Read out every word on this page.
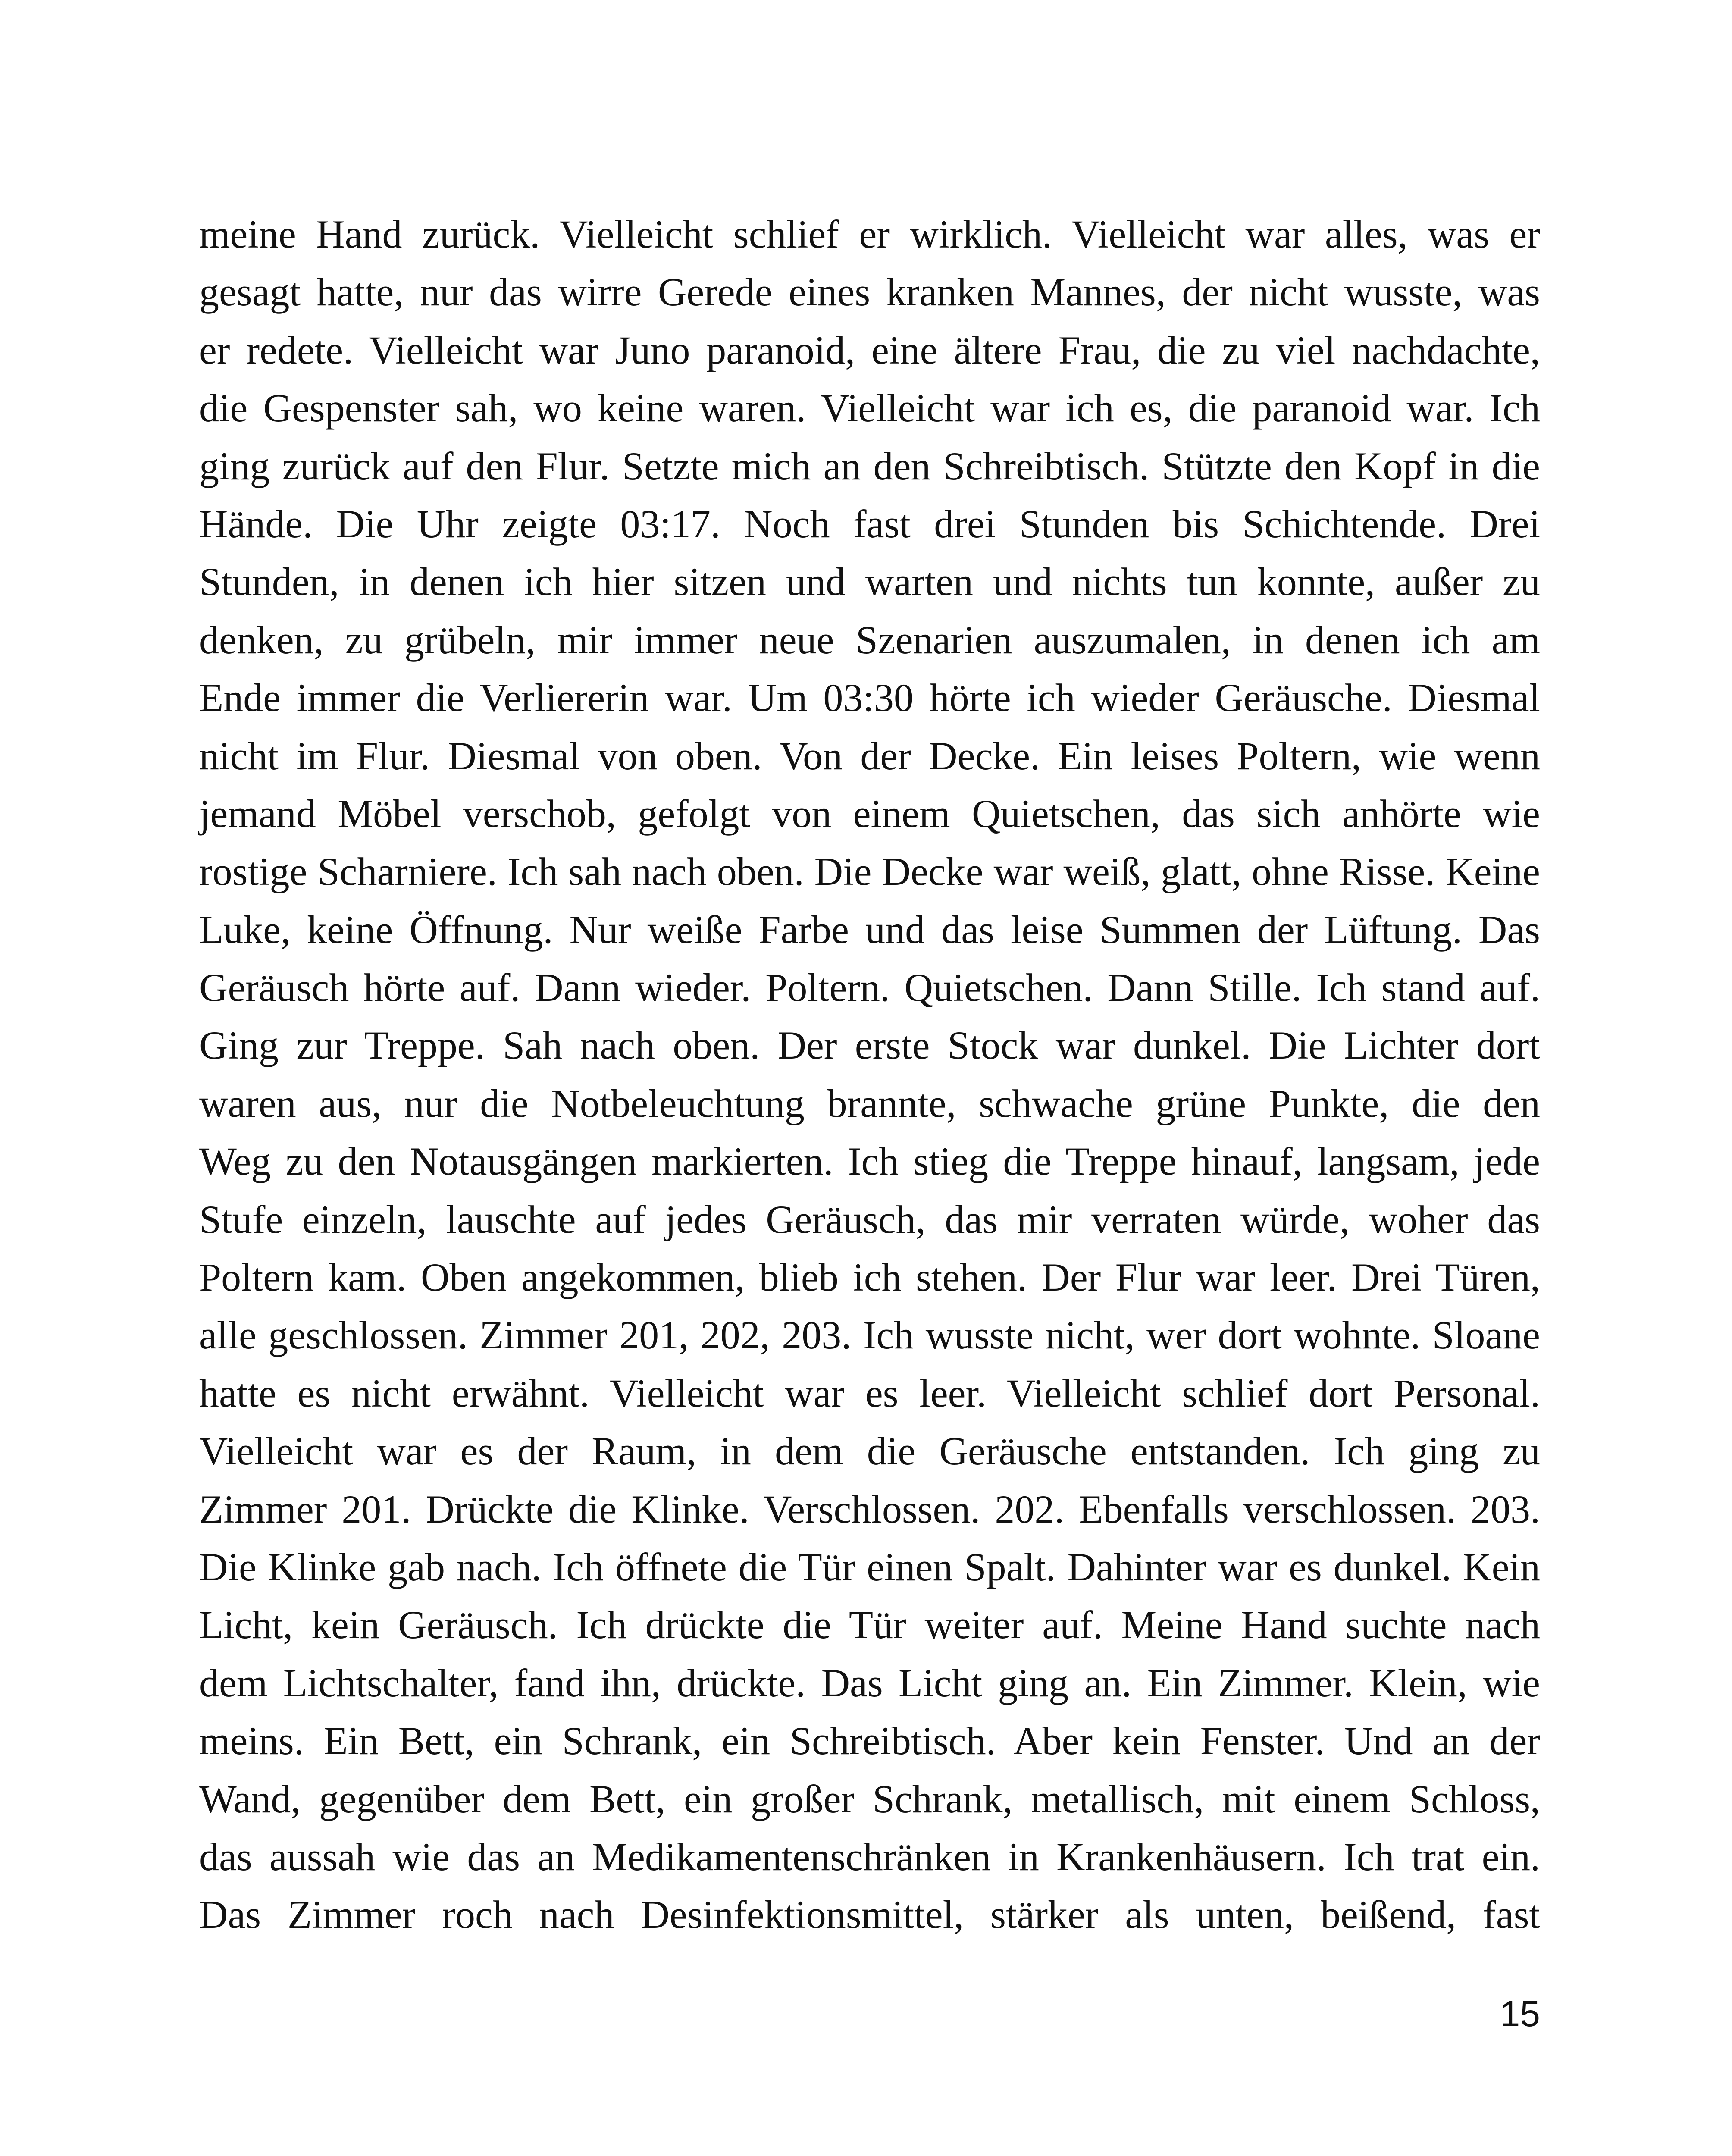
meine Hand zurück. Vielleicht schlief er wirklich. Vielleicht war alles, was er
gesagt hatte, nur das wirre Gerede eines kranken Mannes, der nicht wusste, was
er redete. Vielleicht war Juno paranoid, eine ältere Frau, die zu viel nachdachte,
die Gespenster sah, wo keine waren. Vielleicht war ich es, die paranoid war. Ich
ging zurück auf den Flur. Setzte mich an den Schreibtisch. Stützte den Kopf in die
Hände. Die Uhr zeigte 03:17. Noch fast drei Stunden bis Schichtende. Drei
Stunden, in denen ich hier sitzen und warten und nichts tun konnte, außer zu
denken, zu grübeln, mir immer neue Szenarien auszumalen, in denen ich am
Ende immer die Verliererin war. Um 03:30 hörte ich wieder Geräusche. Diesmal
nicht im Flur. Diesmal von oben. Von der Decke. Ein leises Poltern, wie wenn
jemand Möbel verschob, gefolgt von einem Quietschen, das sich anhörte wie
rostige Scharniere. Ich sah nach oben. Die Decke war weiß, glatt, ohne Risse. Keine
Luke, keine Öffnung. Nur weiße Farbe und das leise Summen der Lüftung. Das
Geräusch hörte auf. Dann wieder. Poltern. Quietschen. Dann Stille. Ich stand auf.
Ging zur Treppe. Sah nach oben. Der erste Stock war dunkel. Die Lichter dort
waren aus, nur die Notbeleuchtung brannte, schwache grüne Punkte, die den
Weg zu den Notausgängen markierten. Ich stieg die Treppe hinauf, langsam, jede
Stufe einzeln, lauschte auf jedes Geräusch, das mir verraten würde, woher das
Poltern kam. Oben angekommen, blieb ich stehen. Der Flur war leer. Drei Türen,
alle geschlossen. Zimmer 201, 202, 203. Ich wusste nicht, wer dort wohnte. Sloane
hatte es nicht erwähnt. Vielleicht war es leer. Vielleicht schlief dort Personal.
Vielleicht war es der Raum, in dem die Geräusche entstanden. Ich ging zu
Zimmer 201. Drückte die Klinke. Verschlossen. 202. Ebenfalls verschlossen. 203.
Die Klinke gab nach. Ich öffnete die Tür einen Spalt. Dahinter war es dunkel. Kein
Licht, kein Geräusch. Ich drückte die Tür weiter auf. Meine Hand suchte nach
dem Lichtschalter, fand ihn, drückte. Das Licht ging an. Ein Zimmer. Klein, wie
meins. Ein Bett, ein Schrank, ein Schreibtisch. Aber kein Fenster. Und an der
Wand, gegenüber dem Bett, ein großer Schrank, metallisch, mit einem Schloss,
das aussah wie das an Medikamentenschränken in Krankenhäusern. Ich trat ein.
Das Zimmer roch nach Desinfektionsmittel, stärker als unten, beißend, fast
15
